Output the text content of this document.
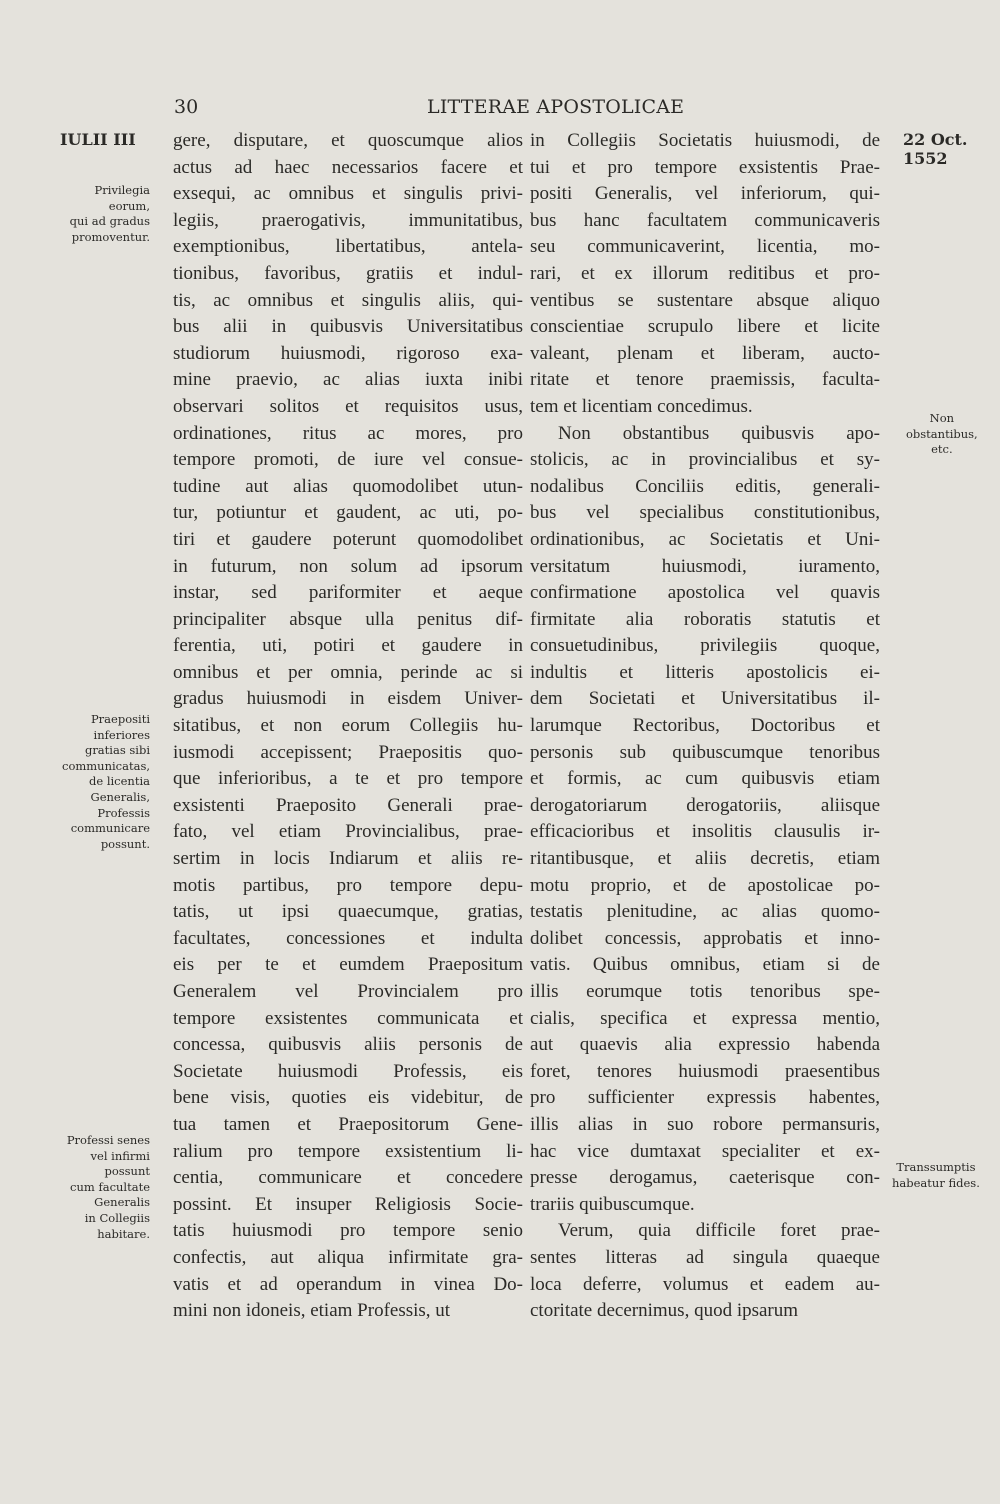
30	LITTERAE APOSTOLICAE
IULII III	22 Oct. 1552
Privilegia
eorum,
qui ad gradus
promoventur.
Praepositi
inferiores
gratias sibi
communicatas,
de licentia
Generalis,
Professis
communicare
possunt.
Professi senes
vel infirmi
possunt
cum facultate
Generalis
in Collegiis
habitare.
Non
obstantibus,
etc.
Transsumptis
habeatur fides.
gere, disputare, et quoscumque alios
actus ad haec necessarios facere et
exsequi, ac omnibus et singulis privi-
legiis, praerogativis, immunitatibus,
exemptionibus, libertatibus, antela-
tionibus, favoribus, gratiis et indul-
tis, ac omnibus et singulis aliis, qui-
bus alii in quibusvis Universitatibus
studiorum huiusmodi, rigoroso exa-
mine praevio, ac alias iuxta inibi
observari solitos et requisitos usus,
ordinationes, ritus ac mores, pro
tempore promoti, de iure vel consue-
tudine aut alias quomodolibet utun-
tur, potiuntur et gaudent, ac uti, po-
tiri et gaudere poterunt quomodolibet
in futurum, non solum ad ipsorum
instar, sed pariformiter et aeque
principaliter absque ulla penitus dif-
ferentia, uti, potiri et gaudere in
omnibus et per omnia, perinde ac si
gradus huiusmodi in eisdem Univer-
sitatibus, et non eorum Collegiis hu-
iusmodi accepissent; Praepositis quo-
que inferioribus, a te et pro tempore
exsistenti Praeposito Generali prae-
fato, vel etiam Provincialibus, prae-
sertim in locis Indiarum et aliis re-
motis partibus, pro tempore depu-
tatis, ut ipsi quaecumque, gratias,
facultates, concessiones et indulta
eis per te et eumdem Praepositum
Generalem vel Provincialem pro
tempore exsistentes communicata et
concessa, quibusvis aliis personis de
Societate huiusmodi Professis, eis
bene visis, quoties eis videbitur, de
tua tamen et Praepositorum Gene-
ralium pro tempore exsistentium li-
centia, communicare et concedere
possint. Et insuper Religiosis Socie-
tatis huiusmodi pro tempore senio
confectis, aut aliqua infirmitate gra-
vatis et ad operandum in vinea Do-
mini non idoneis, etiam Professis, ut
in Collegiis Societatis huiusmodi, de
tui et pro tempore exsistentis Prae-
positi Generalis, vel inferiorum, qui-
bus hanc facultatem communicaveris
seu communicaverint, licentia, mo-
rari, et ex illorum reditibus et pro-
ventibus se sustentare absque aliquo
conscientiae scrupulo libere et licite
valeant, plenam et liberam, aucto-
ritate et tenore praemissis, faculta-
tem et licentiam concedimus.
Non obstantibus quibusvis apo-
stolicis, ac in provincialibus et sy-
nodalibus Conciliis editis, generali-
bus vel specialibus constitutionibus,
ordinationibus, ac Societatis et Uni-
versitatum huiusmodi, iuramento,
confirmatione apostolica vel quavis
firmitate alia roboratis statutis et
consuetudinibus, privilegiis quoque,
indultis et litteris apostolicis ei-
dem Societati et Universitatibus il-
larumque Rectoribus, Doctoribus et
personis sub quibuscumque tenoribus
et formis, ac cum quibusvis etiam
derogatoriarum derogatoriis, aliisque
efficacioribus et insolitis clausulis ir-
ritantibusque, et aliis decretis, etiam
motu proprio, et de apostolicae po-
testatis plenitudine, ac alias quomo-
dolibet concessis, approbatis et inno-
vatis. Quibus omnibus, etiam si de
illis eorumque totis tenoribus spe-
cialis, specifica et expressa mentio,
aut quaevis alia expressio habenda
foret, tenores huiusmodi praesentibus
pro sufficienter expressis habentes,
illis alias in suo robore permansuris,
hac vice dumtaxat specialiter et ex-
presse derogamus, caeterisque con-
trariis quibuscumque.
Verum, quia difficile foret prae-
sentes litteras ad singula quaeque
loca deferre, volumus et eadem au-
ctoritate decernimus, quod ipsarum
